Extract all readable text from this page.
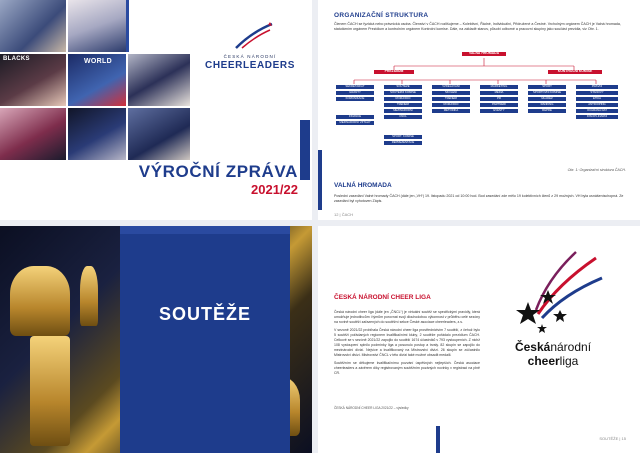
BLACKS	WORLD
ČESKÁ NÁRODNÍ
CHEERLEADERS
VÝROČNÍ ZPRÁVA
2021/22
ORGANIZAČNÍ STRUKTURA
Členem ČACH se fyzická nebo právnická osoba. Členství v ČACH rozlišujeme – Kolektivní, Řádné, Individuální, Přidružené a Čestné. Vrcholným orgánem ČACH je Valná hromada, statutárním orgánem Prezidium a kontrolním orgánem Kontrolní komise. Dále, na základě stanov, působí odborné a pracovní skupiny jako součást prezidia, viz Obr. 1.
VALNÁ HROMADA
PREZIDIUM	KONTROLNÍ KOMISE
SEKRETARIÁT
GRANTY
KOMUNIKACE
FINANCE
MEZINÁRODNÍ VZTAHY
SOUTĚŽE
SOUTĚŽNÍ KOMISE
ROZHODČÍ
TRENÉŘI
MEZINÁRODNÍ
ČNCL
SPORT. KOMISE
REPREZENTACE
VZDĚLÁVÁNÍ
ŠKOLENÍ
TRENÉŘI
ROZHODČÍ
METODIKA
MARKETING
MEDIA
PR
PARTNEŘI
EVENTY
SPORT
SPORTOVNÍ KOMISE
MLÁDEŽ
RANKING
REPRE
PRÁVNÍ
STANOVY
ETIKA
ANTIDOPING
OCHRANA DAT
DISCIPLINÁRNÍ
Obr. 1: Organizační struktura ČACH.
VALNÁ HROMADA
Poslední zasedání Valné hromady ČACH (dále jen „VH“) 19. listopadu 2021 od 10:00 hod. Bod zasedání zde mělo 19 kolektivních členů z 29 možných. VH byla usnášeníschopná. Ze zasedání byl vyhotoven Zápis.
12 | ČACH
SOUTĚŽE
ČESKÁ NÁRODNÍ CHEER LIGA

Česká národní cheer liga (dále jen „ČNCL“) je virtuální soutěž se specifickými pravidly, která umožňuje jednotlivcům i týmům porovnat svoji dlouhodobou výkonnost v průběhu celé sezóny na rovině soutěží zařazených do soutěžní sekce České asociace cheerleaders, z.s.

V sezoně 2021/22 probíhala Česká národní cheer liga prostřednictvím 7 soutěží, z čehož bylo 5 soutěží pořádaných regionem kvalifikačními kluby, 2 soutěže pořádalo prezidium ČACH. Celkově se v sezóně 2021/22 zapojilo do soutěží 1674 účastníků v 793 vystoupeních. Z nichž 108 vystoupení splnilo podmínky liga a posunulo postup a trvaly. 82 skupin se zapojilo do mezinárodní divizí. Nejvíce a kvalifikovaný na Mistrovství divizí. 26 skupin se zúčastnilo Mistrovství divizí. Mistrovství ČNCL v této divizi také možné obsadit medaili.

Soutěžním se děkujeme kvalifikačnímu pozvání úspěšných nejlepších. Česká asociace cheerleaders a závěrem díky registrovaným soutěžním pozáných novinky v registraci na plně CR.

ČESKÁ NÁRODNÍ CHEER LIGA 2021/22 – výsledky
Českánárodní
cheerliga
SOUTĚŽE | 15
